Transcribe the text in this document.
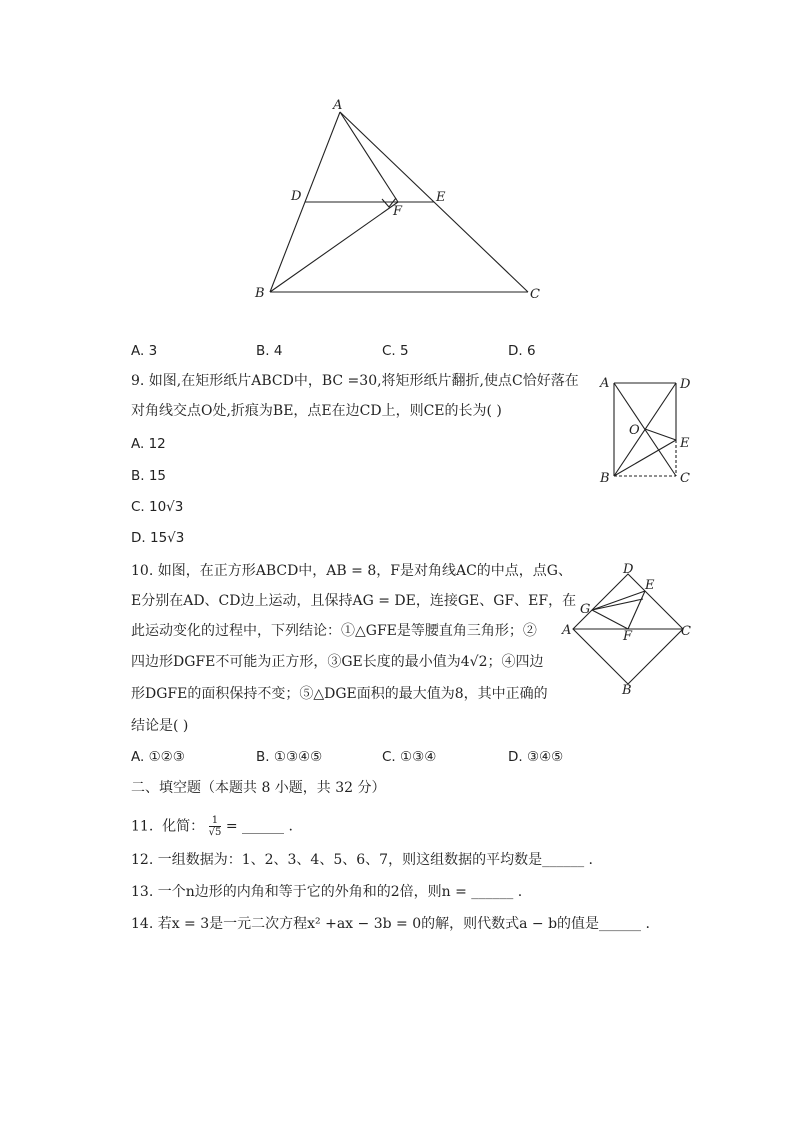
A
D	E
F
B	C
A. 3	B. 4	C. 5	D. 6
9. 如图,在矩形纸片ABCD中，BC =30,将矩形纸片翻折,使点C恰好落在
对角线交点O处,折痕为BE，点E在边CD上，则CE的长为( )
A. 12
B. 15
C. 10√3
D. 15√3
A	D
O
E
B	C
10. 如图，在正方形ABCD中，AB = 8，F是对角线AC的中点，点G、
E分别在AD、CD边上运动，且保持AG = DE，连接GE、GF、EF，在
此运动变化的过程中，下列结论：①△GFE是等腰直角三角形；②
四边形DGFE不可能为正方形，③GE长度的最小值为4√2；④四边
形DGFE的面积保持不变；⑤△DGE面积的最大值为8，其中正确的
结论是( )
A. ①②③	B. ①③④⑤	C. ①③④	D. ③④⑤
D
E
G
A	F	C
B
二、填空题（本题共 8 小题，共 32 分）
11. 化简： $\frac{1}{√5}$ = ______ .
12. 一组数据为：1、2、3、4、5、6、7，则这组数据的平均数是______ .
13. 一个n边形的内角和等于它的外角和的2倍，则n = ______ .
14. 若x = 3是一元二次方程x² +ax − 3b = 0的解，则代数式a − b的值是______ .
